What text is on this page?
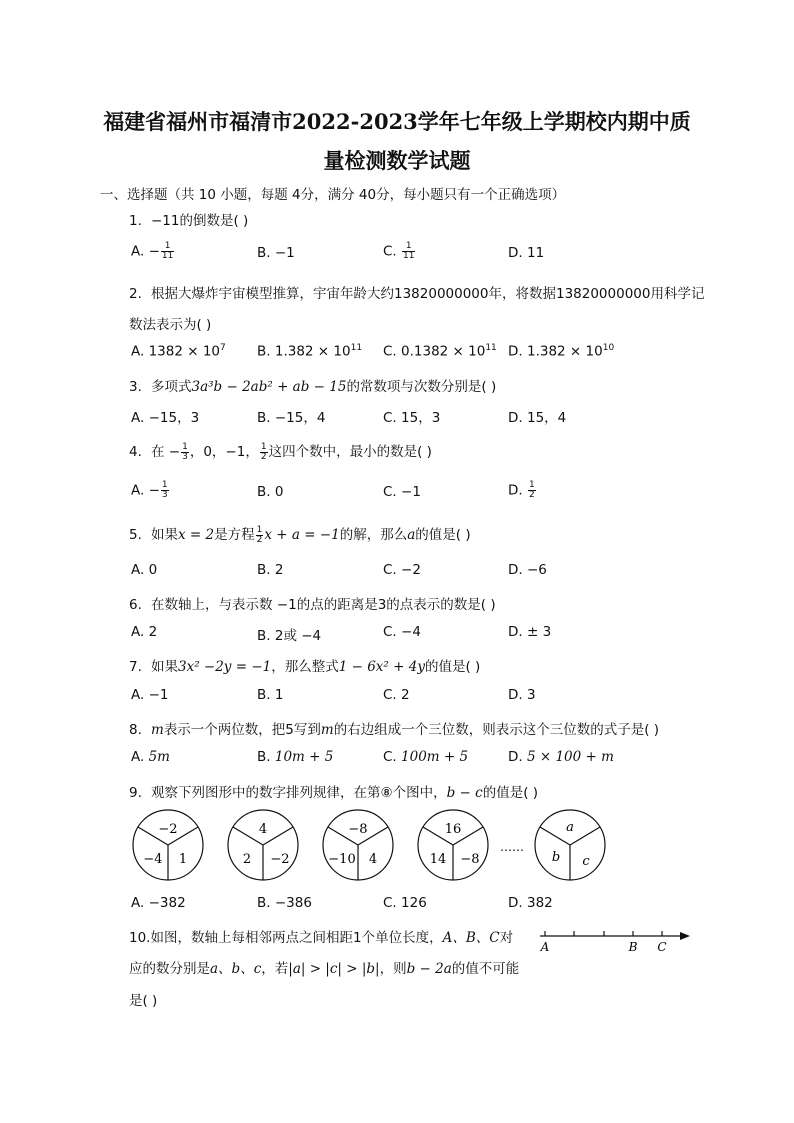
福建省福州市福清市2022-2023学年七年级上学期校内期中质
量检测数学试题
一、选择题（共 10 小题，每题 4分，满分 40分，每小题只有一个正确选项）
1. −11的倒数是( )
A. − $\frac{1}{11}$	B. −1	C. $\frac{1}{11}$	D. 11
2. 根据大爆炸宇宙模型推算，宇宙年龄大约13820000000年，将数据13820000000用科学记
数法表示为( )
A. $1382 \times 10^7$ B. $1.382 \times 10^{11}$ C. $0.1382 \times 10^{11}$ D. $1.382 \times 10^{10}$
3. 多项式3a³b − 2ab² + ab − 15的常数项与次数分别是( )
A. −15，3	B. −15，4	C. 15，3	D. 15，4
4. 在 − $\frac{1}{3}$ ，0，−1， $\frac{1}{2}$ 这四个数中，最小的数是( )
A. − $\frac{1}{3}$	B. 0	C. −1	D. $\frac{1}{2}$
5. 如果x = 2是方程 $\frac{1}{2}$ x + a = −1的解，那么a的值是( )
A. 0	B. 2	C. −2	D. −6
6. 在数轴上，与表示数 −1的点的距离是3的点表示的数是( )
A. 2	B. 2或 −4	C. −4	D. ± 3
7. 如果3x² −2y = −1，那么整式1 − 6x² + 4y的值是( )
A. −1	B. 1	C. 2	D. 3
8. m表示一个两位数，把5写到m的右边组成一个三位数，则表示这个三位数的式子是( )
A. 5m	B. 10m + 5	C. 100m + 5	D. 5 × 100 + m
9. 观察下列图形中的数字排列规律，在第⑧个图中，b − c的值是( )
−2
−4 1
4
2 −2
−8
−10 4
16
14 −8
……
a
b c
A. −382	B. −386	C. 126	D. 382
10.如图，数轴上每相邻两点之间相距1个单位长度，A、B、C对
应的数分别是a、b、c，若|a| > |c| > |b|，则b − 2a的值不可能
是( )
A	B C
